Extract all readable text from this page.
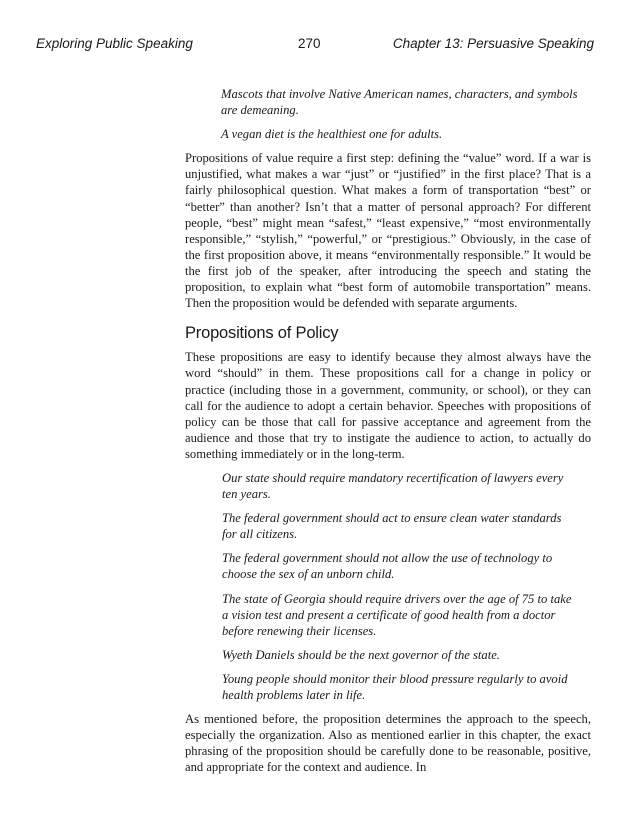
Exploring Public Speaking	270	Chapter 13: Persuasive Speaking

Mascots that involve Native American names, characters, and symbols are demeaning.

A vegan diet is the healthiest one for adults.

Propositions of value require a first step: defining the “value” word. If a war is unjustified, what makes a war “just” or “justified” in the first place? That is a fairly philosophical question. What makes a form of transportation “best” or “better” than another? Isn’t that a matter of personal approach? For different people, “best” might mean “safest,” “least expensive,” “most environmentally responsible,” “stylish,” “powerful,” or “prestigious.” Obviously, in the case of the first proposition above, it means “environmentally responsible.” It would be the first job of the speaker, after introducing the speech and stating the proposition, to explain what “best form of automobile transportation” means. Then the proposition would be defended with separate arguments.

Propositions of Policy

These propositions are easy to identify because they almost always have the word “should” in them. These propositions call for a change in policy or practice (including those in a government, community, or school), or they can call for the audience to adopt a certain behavior. Speeches with propositions of policy can be those that call for passive acceptance and agreement from the audience and those that try to instigate the audience to action, to actually do something immediately or in the long-term.

Our state should require mandatory recertification of lawyers every ten years.

The federal government should act to ensure clean water standards for all citizens.

The federal government should not allow the use of technology to choose the sex of an unborn child.

The state of Georgia should require drivers over the age of 75 to take a vision test and present a certificate of good health from a doctor before renewing their licenses.

Wyeth Daniels should be the next governor of the state.

Young people should monitor their blood pressure regularly to avoid health problems later in life.

As mentioned before, the proposition determines the approach to the speech, especially the organization. Also as mentioned earlier in this chapter, the exact phrasing of the proposition should be carefully done to be reasonable, positive, and appropriate for the context and audience. In
